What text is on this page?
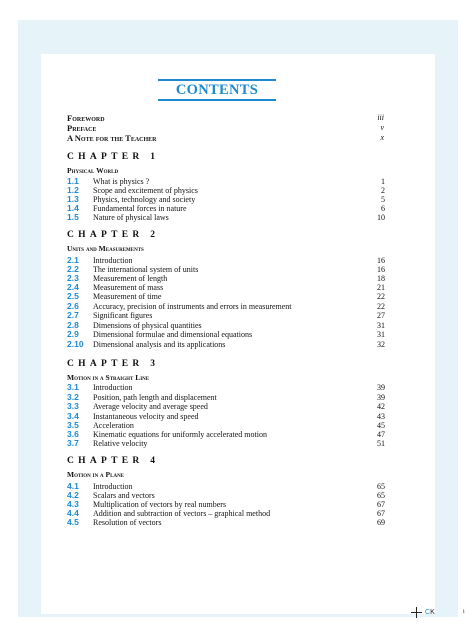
CONTENTS
Foreword	iii
Preface	v
A Note for the Teacher	x
CHAPTER 1
Physical World
1.1 What is physics ?	1
1.2 Scope and excitement of physics	2
1.3 Physics, technology and society	5
1.4 Fundamental forces in nature	6
1.5 Nature of physical laws	10
CHAPTER 2
Units and Measurements
2.1 Introduction	16
2.2 The international system of units	16
2.3 Measurement of length	18
2.4 Measurement of mass	21
2.5 Measurement of time	22
2.6 Accuracy, precision of instruments and errors in measurement	22
2.7 Significant figures	27
2.8 Dimensions of physical quantities	31
2.9 Dimensional formulae and dimensional equations	31
2.10 Dimensional analysis and its applications	32
CHAPTER 3
Motion in a Straight Line
3.1 Introduction	39
3.2 Position, path length and displacement	39
3.3 Average velocity and average speed	42
3.4 Instantaneous velocity and speed	43
3.5 Acceleration	45
3.6 Kinematic equations for uniformly accelerated motion	47
3.7 Relative velocity	51
CHAPTER 4
Motion in a Plane
4.1 Introduction	65
4.2 Scalars and vectors	65
4.3 Multiplication of vectors by real numbers	67
4.4 Addition and subtraction of vectors – graphical method	67
4.5 Resolution of vectors	69
CK	i
